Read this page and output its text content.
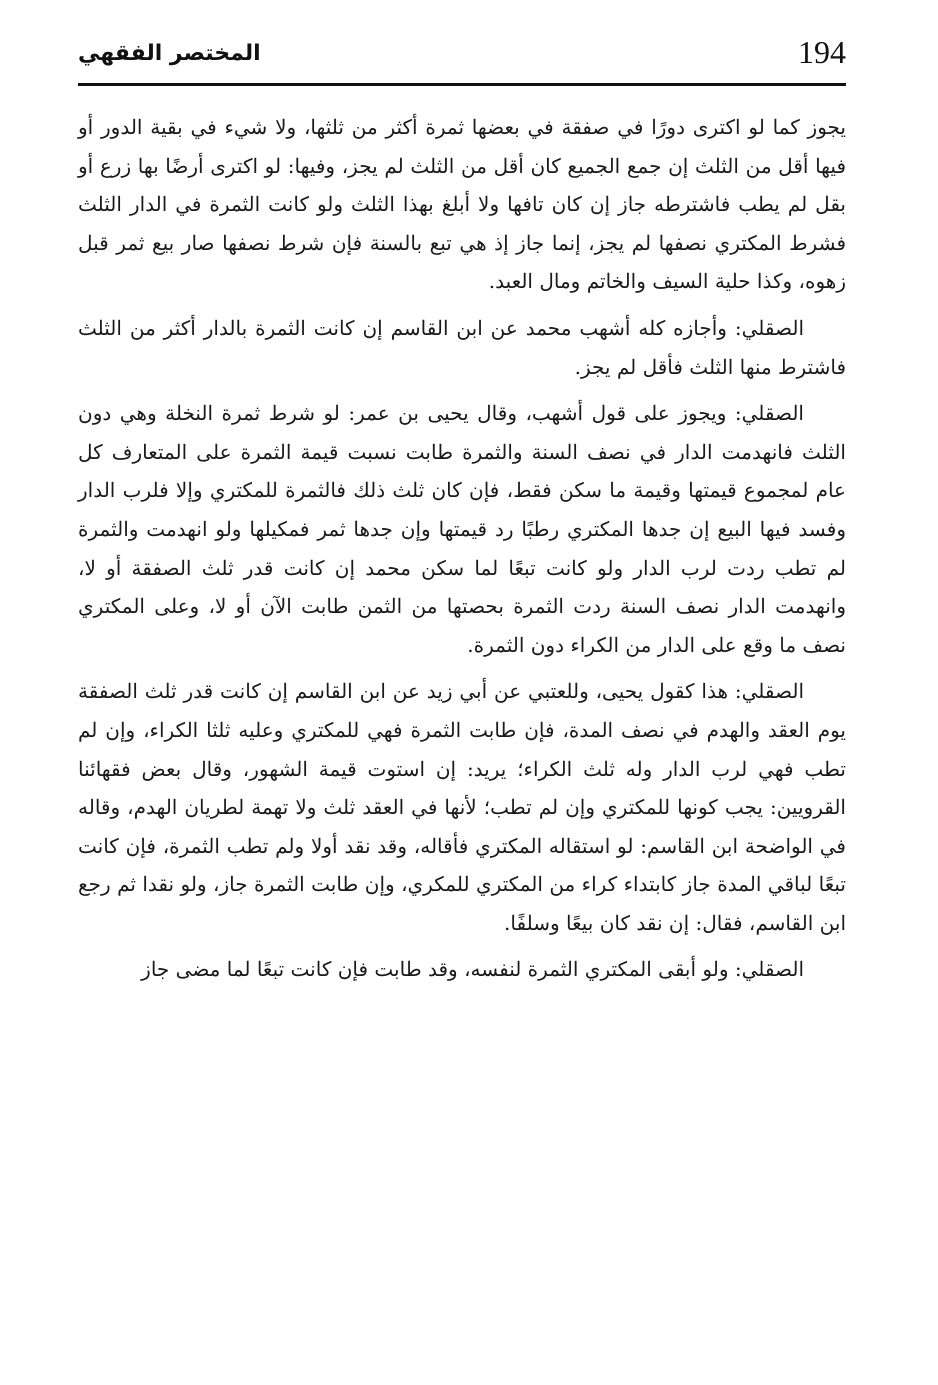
194
المختصر الفقهي

يجوز كما لو اكترى دورًا في صفقة في بعضها ثمرة أكثر من ثلثها، ولا شيء في بقية الدور أو فيها أقل من الثلث إن جمع الجميع كان أقل من الثلث لم يجز، وفيها: لو اكترى أرضًا بها زرع أو بقل لم يطب فاشترطه جاز إن كان تافها ولا أبلغ بهذا الثلث ولو كانت الثمرة في الدار الثلث فشرط المكتري نصفها لم يجز، إنما جاز إذ هي تبع بالسنة فإن شرط نصفها صار بيع ثمر قبل زهوه، وكذا حلية السيف والخاتم ومال العبد.

الصقلي: وأجازه كله أشهب محمد عن ابن القاسم إن كانت الثمرة بالدار أكثر من الثلث فاشترط منها الثلث فأقل لم يجز.

الصقلي: ويجوز على قول أشهب، وقال يحيى بن عمر: لو شرط ثمرة النخلة وهي دون الثلث فانهدمت الدار في نصف السنة والثمرة طابت نسبت قيمة الثمرة على المتعارف كل عام لمجموع قيمتها وقيمة ما سكن فقط، فإن كان ثلث ذلك فالثمرة للمكتري وإلا فلرب الدار وفسد فيها البيع إن جدها المكتري رطبًا رد قيمتها وإن جدها ثمر فمكيلها ولو انهدمت والثمرة لم تطب ردت لرب الدار ولو كانت تبعًا لما سكن محمد إن كانت قدر ثلث الصفقة أو لا، وانهدمت الدار نصف السنة ردت الثمرة بحصتها من الثمن طابت الآن أو لا، وعلى المكتري نصف ما وقع على الدار من الكراء دون الثمرة.

الصقلي: هذا كقول يحيى، وللعتبي عن أبي زيد عن ابن القاسم إن كانت قدر ثلث الصفقة يوم العقد والهدم في نصف المدة، فإن طابت الثمرة فهي للمكتري وعليه ثلثا الكراء، وإن لم تطب فهي لرب الدار وله ثلث الكراء؛ يريد: إن استوت قيمة الشهور، وقال بعض فقهائنا القرويين: يجب كونها للمكتري وإن لم تطب؛ لأنها في العقد ثلث ولا تهمة لطريان الهدم، وقاله في الواضحة ابن القاسم: لو استقاله المكتري فأقاله، وقد نقد أولا ولم تطب الثمرة، فإن كانت تبعًا لباقي المدة جاز كابتداء كراء من المكتري للمكري، وإن طابت الثمرة جاز، ولو نقدا ثم رجع ابن القاسم، فقال: إن نقد كان بيعًا وسلفًا.

الصقلي: ولو أبقى المكتري الثمرة لنفسه، وقد طابت فإن كانت تبعًا لما مضى جاز
